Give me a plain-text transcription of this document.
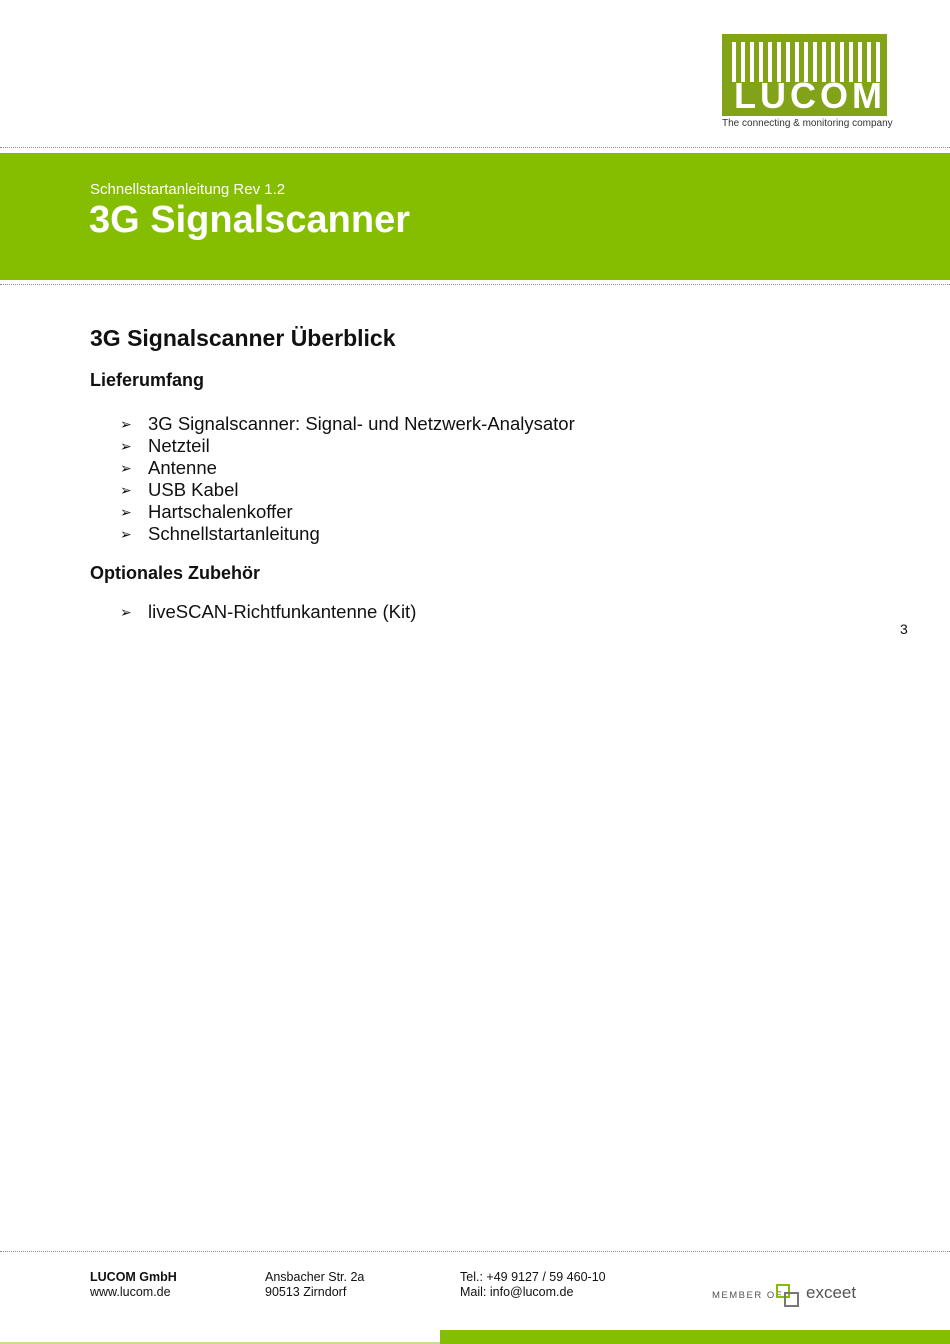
LUCOM
The connecting & monitoring company
Schnellstartanleitung Rev 1.2
3G Signalscanner
3G Signalscanner Überblick
Lieferumfang
➢ 3G Signalscanner: Signal- und Netzwerk-Analysator
➢ Netzteil
➢ Antenne
➢ USB Kabel
➢ Hartschalenkoffer
➢ Schnellstartanleitung
Optionales Zubehör
➢ liveSCAN-Richtfunkantenne (Kit)
3
LUCOM GmbH
www.lucom.de
Ansbacher Str. 2a
90513 Zirndorf
Tel.: +49 9127 / 59 460-10
Mail: info@lucom.de	MEMBER OF exceet
